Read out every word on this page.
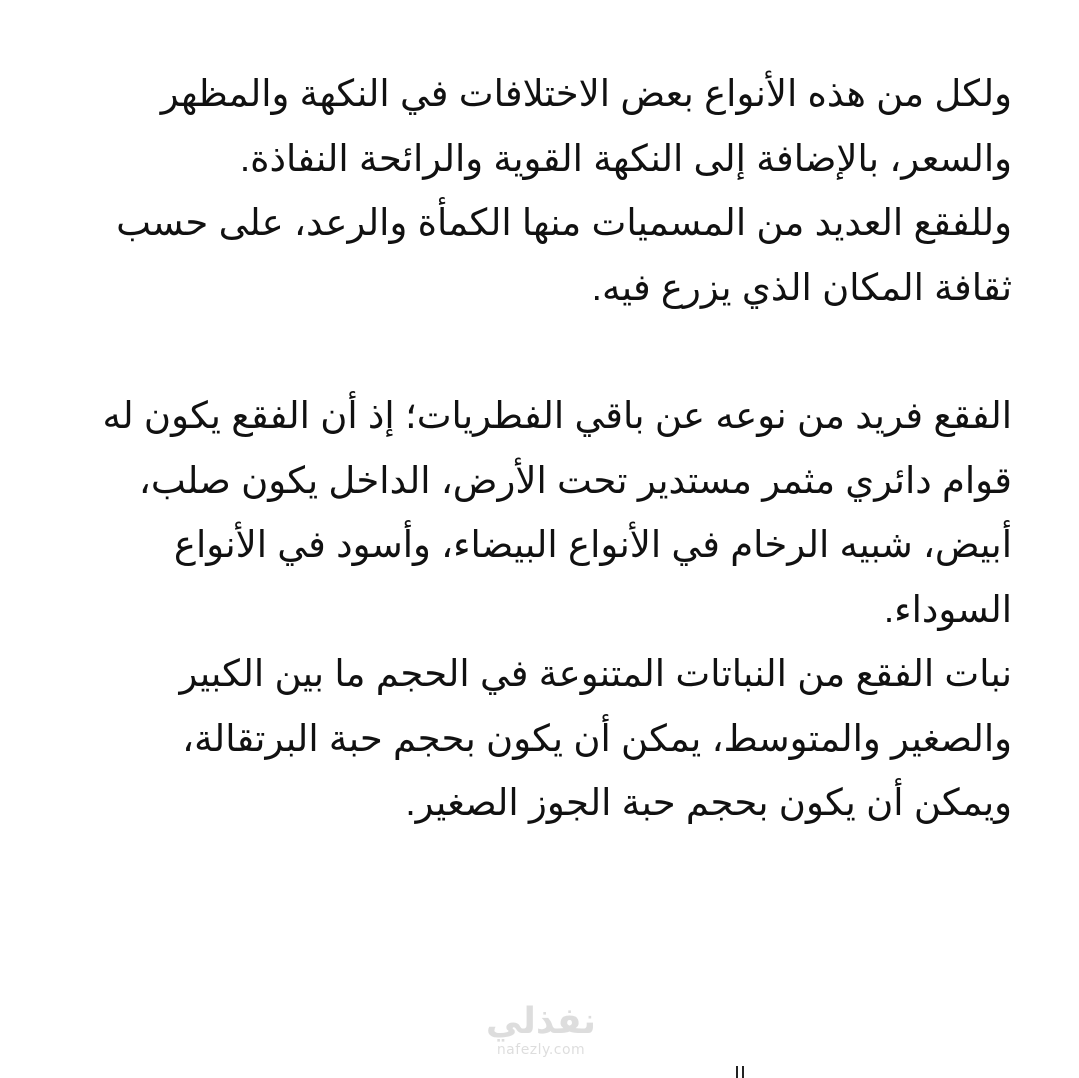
ولكل من هذه الأنواع بعض الاختلافات في النكهة والمظهر
والسعر، بالإضافة إلى النكهة القوية والرائحة النفاذة.

وللفقع العديد من المسميات منها الكمأة والرعد، على حسب
ثقافة المكان الذي يزرع فيه.

الفقع فريد من نوعه عن باقي الفطريات؛ إذ أن الفقع يكون له
قوام دائري مثمر مستدير تحت الأرض، الداخل يكون صلب،
أبيض، شبيه الرخام في الأنواع البيضاء، وأسود في الأنواع
السوداء.

نبات الفقع من النباتات المتنوعة في الحجم ما بين الكبير
والصغير والمتوسط، يمكن أن يكون بحجم حبة البرتقالة،
ويمكن أن يكون بحجم حبة الجوز الصغير.

نفذلي
nafezly.com
